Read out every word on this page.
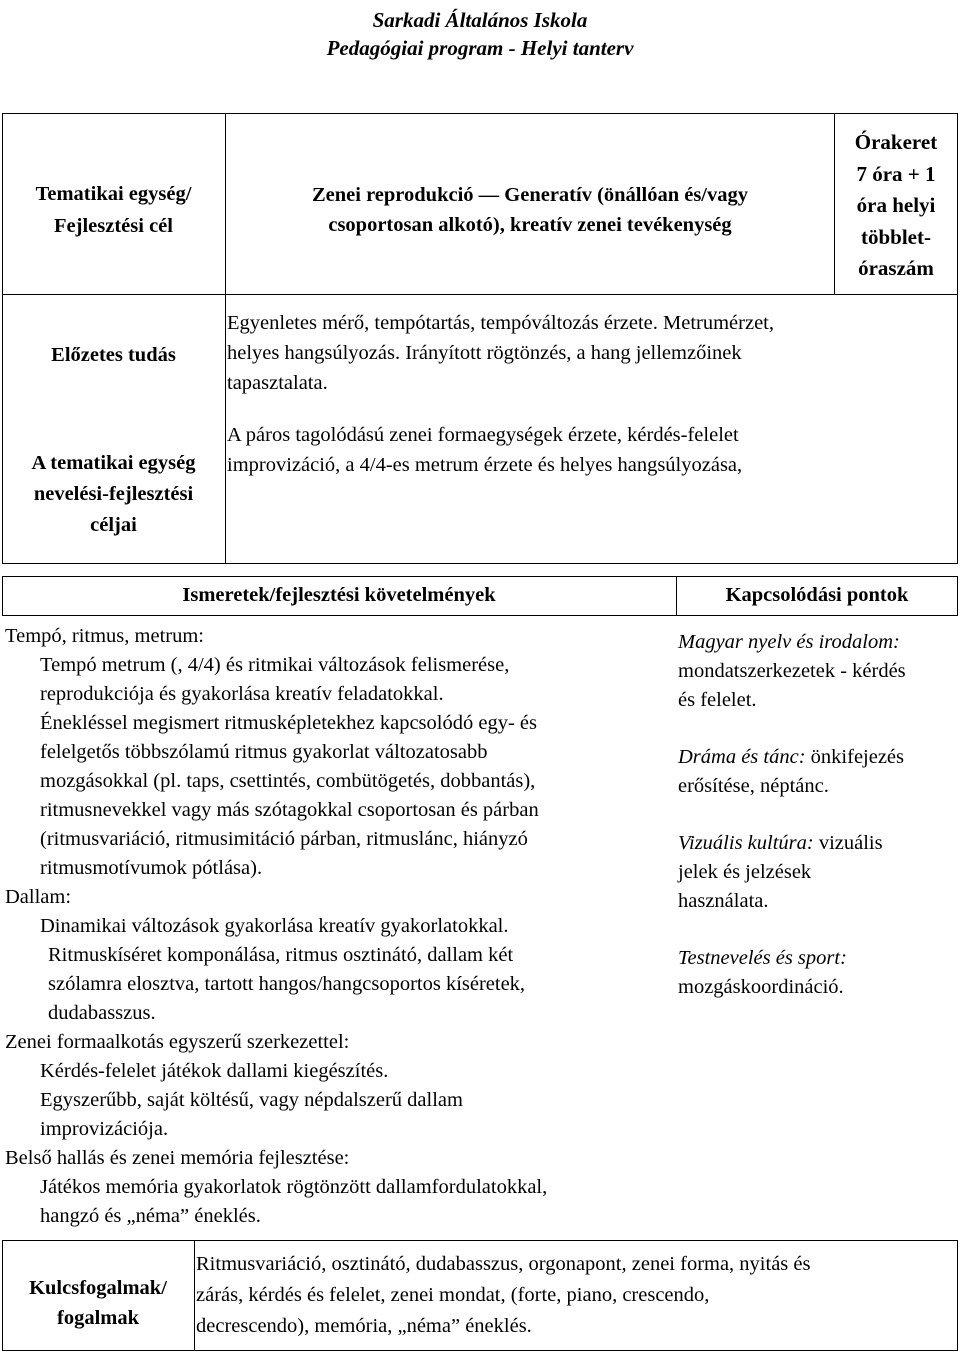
Sarkadi Általános Iskola
Pedagógiai program - Helyi tanterv
Tematikai egység/
Fejlesztési cél
Zenei reprodukció — Generatív (önállóan és/vagy
csoportosan alkotó), kreatív zenei tevékenység
Órakeret
7 óra + 1
óra helyi
többlet-
óraszám
Előzetes tudás
Egyenletes mérő, tempótartás, tempóváltozás érzete. Metrumérzet,
helyes hangsúlyozás. Irányított rögtönzés, a hang jellemzőinek
tapasztalata.
A tematikai egység
nevelési-fejlesztési
céljai
A páros tagolódású zenei formaegységek érzete, kérdés-felelet
improvizáció, a 4/4-es metrum érzete és helyes hangsúlyozása,
Ismeretek/fejlesztési követelmények	Kapcsolódási pontok
Tempó, ritmus, metrum:
Tempó metrum (, 4/4) és ritmikai változások felismerése,
reprodukciója és gyakorlása kreatív feladatokkal.
Énekléssel megismert ritmusképletekhez kapcsolódó egy- és
felelgetős többszólamú ritmus gyakorlat változatosabb
mozgásokkal (pl. taps, csettintés, combütögetés, dobbantás),
ritmusnevekkel vagy más szótagokkal csoportosan és párban
(ritmusvariáció, ritmusimitáció párban, ritmuslánc, hiányzó
ritmusmotívumok pótlása).
Dallam:
Dinamikai változások gyakorlása kreatív gyakorlatokkal.
Ritmuskíséret komponálása, ritmus osztinátó, dallam két
szólamra elosztva, tartott hangos/hangcsoportos kíséretek,
dudabasszus.
Zenei formaalkotás egyszerű szerkezettel:
Kérdés-felelet játékok dallami kiegészítés.
Egyszerűbb, saját költésű, vagy népdalszerű dallam
improvizációja.
Belső hallás és zenei memória fejlesztése:
Játékos memória gyakorlatok rögtönzött dallamfordulatokkal,
hangzó és „néma” éneklés.
Magyar nyelv és irodalom:
mondatszerkezetek - kérdés
és felelet.
Dráma és tánc: önkifejezés
erősítése, néptánc.
Vizuális kultúra: vizuális
jelek és jelzések
használata.
Testnevelés és sport:
mozgáskoordináció.
Kulcsfogalmak/
fogalmak
Ritmusvariáció, osztinátó, dudabasszus, orgonapont, zenei forma, nyitás és
zárás, kérdés és felelet, zenei mondat, (forte, piano, crescendo,
decrescendo), memória, „néma” éneklés.
